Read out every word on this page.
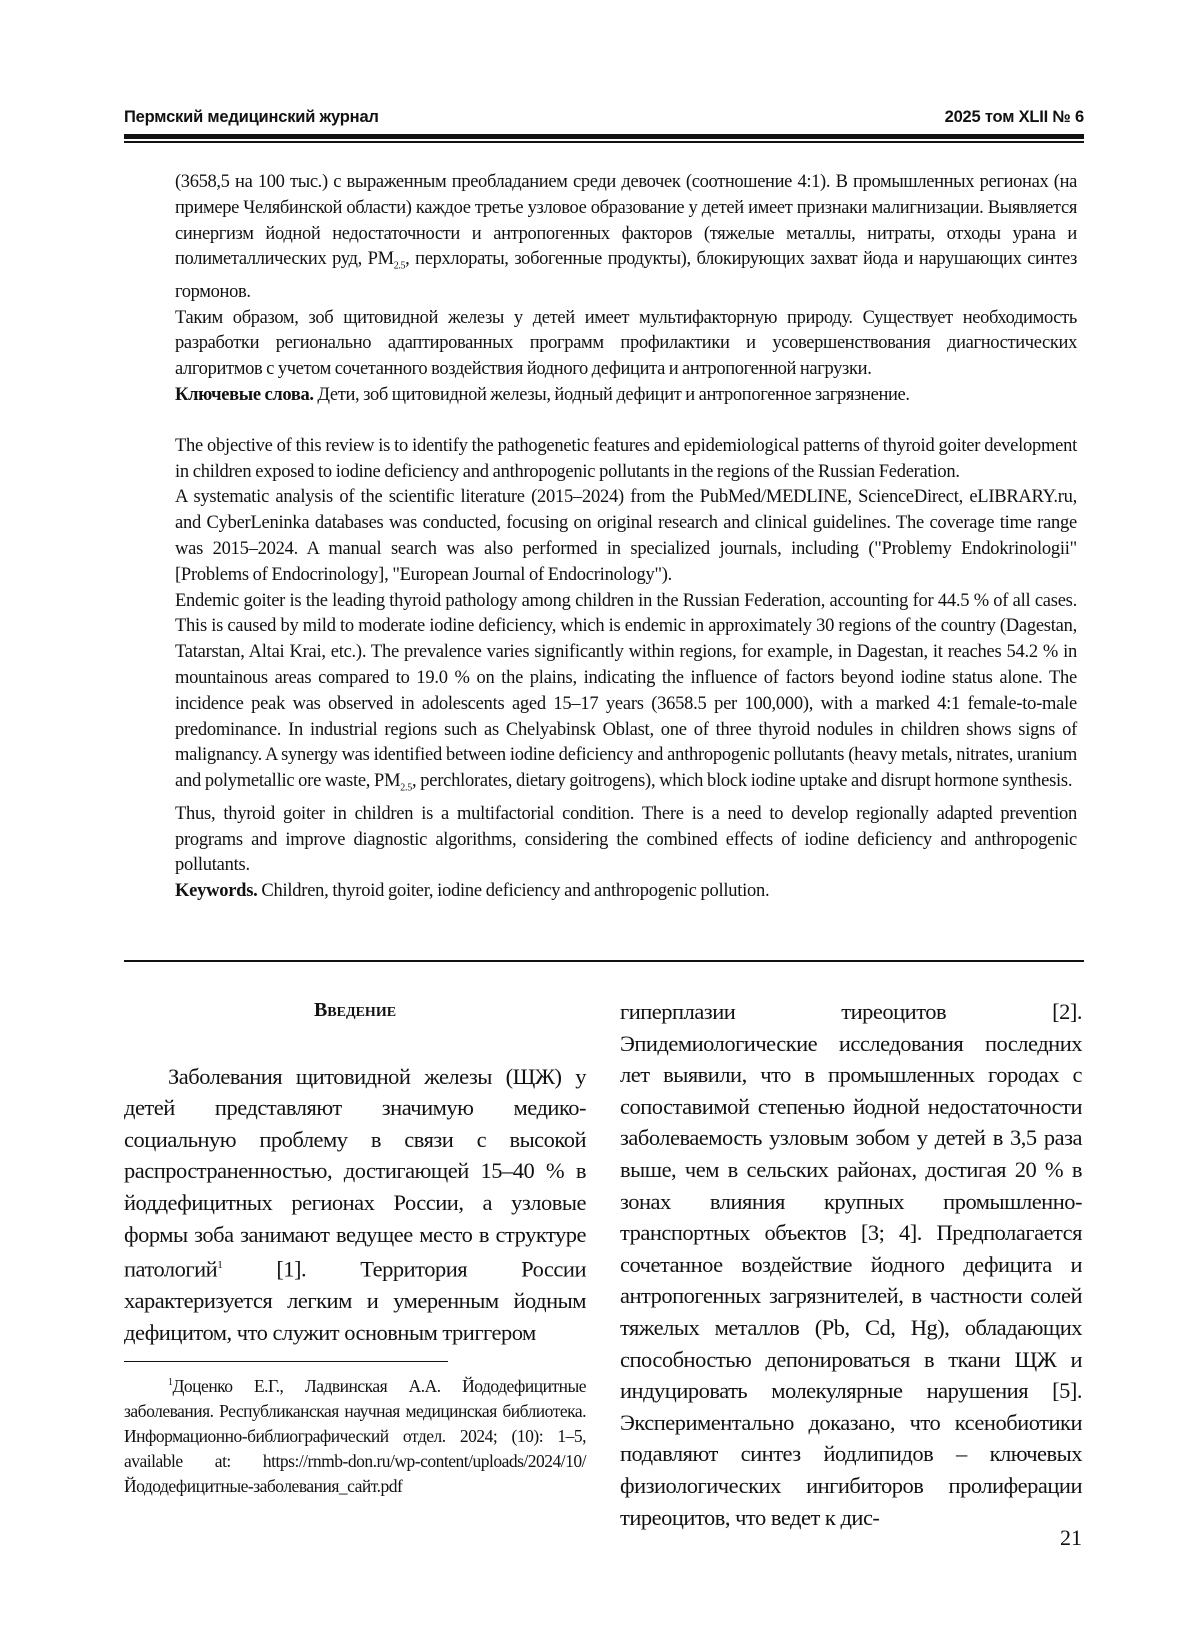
Пермский медицинский журнал	2025 том XLII № 6

(3658,5 на 100 тыс.) с выраженным преобладанием среди девочек (соотношение 4:1). В промышленных регионах (на примере Челябинской области) каждое третье узловое образование у детей имеет признаки малигнизации. Выявляется синергизм йодной недостаточности и антропогенных факторов (тяжелые металлы, нитраты, отходы урана и полиметаллических руд, $PM_{2.5}$, перхлораты, зобогенные продукты), блокирующих захват йода и нарушающих синтез гормонов.

Таким образом, зоб щитовидной железы у детей имеет мультифакторную природу. Существует необходимость разработки регионально адаптированных программ профилактики и усовершенствования диагностических алгоритмов с учетом сочетанного воздействия йодного дефицита и антропогенной нагрузки.

Ключевые слова. Дети, зоб щитовидной железы, йодный дефицит и антропогенное загрязнение.

The objective of this review is to identify the pathogenetic features and epidemiological patterns of thyroid goiter development in children exposed to iodine deficiency and anthropogenic pollutants in the regions of the Russian Federation.

A systematic analysis of the scientific literature (2015–2024) from the PubMed/MEDLINE, ScienceDirect, eLIBRARY.ru, and CyberLeninka databases was conducted, focusing on original research and clinical guidelines. The coverage time range was 2015–2024. A manual search was also performed in specialized journals, including ("Problemy Endokrinologii" [Problems of Endocrinology], "European Journal of Endocrinology").

Endemic goiter is the leading thyroid pathology among children in the Russian Federation, accounting for 44.5 % of all cases. This is caused by mild to moderate iodine deficiency, which is endemic in approximately 30 regions of the country (Dagestan, Tatarstan, Altai Krai, etc.). The prevalence varies significantly within regions, for example, in Dagestan, it reaches 54.2 % in mountainous areas compared to 19.0 % on the plains, indicating the influence of factors beyond iodine status alone. The incidence peak was observed in adolescents aged 15–17 years (3658.5 per 100,000), with a marked 4:1 female-to-male predominance. In industrial regions such as Chelyabinsk Oblast, one of three thyroid nodules in children shows signs of malignancy. A synergy was identified between iodine deficiency and anthropogenic pollutants (heavy metals, nitrates, uranium and polymetallic ore waste, $PM_{2.5}$, perchlorates, dietary goitrogens), which block iodine uptake and disrupt hormone synthesis.

Thus, thyroid goiter in children is a multifactorial condition. There is a need to develop regionally adapted prevention programs and improve diagnostic algorithms, considering the combined effects of iodine deficiency and anthropogenic pollutants.

Keywords. Children, thyroid goiter, iodine deficiency and anthropogenic pollution.

Введение

Заболевания щитовидной железы (ЩЖ) у детей представляют значимую медико-социальную проблему в связи с высокой распространенностью, достигающей 15–40 % в йоддефицитных регионах России, а узловые формы зоба занимают ведущее место в структуре патологий$^1$ [1]. Территория России характеризуется легким и умеренным йодным дефицитом, что служит основным триггером

$^1$Доценко Е.Г., Ладвинская А.А. Йододефицитные заболевания. Республиканская научная медицинская библиотека. Информационно-библиографический отдел. 2024; (10): 1–5, available at: https://rnmb-don.ru/wp-content/uploads/2024/10/Йододефицитные-заболевания_сайт.pdf

гиперплазии тиреоцитов [2]. Эпидемиологические исследования последних лет выявили, что в промышленных городах с сопоставимой степенью йодной недостаточности заболеваемость узловым зобом у детей в 3,5 раза выше, чем в сельских районах, достигая 20 % в зонах влияния крупных промышленно-транспортных объектов [3; 4]. Предполагается сочетанное воздействие йодного дефицита и антропогенных загрязнителей, в частности солей тяжелых металлов (Pb, Cd, Hg), обладающих способностью депонироваться в ткани ЩЖ и индуцировать молекулярные нарушения [5]. Экспериментально доказано, что ксенобиотики подавляют синтез йодлипидов – ключевых физиологических ингибиторов пролиферации тиреоцитов, что ведет к дис-

21
